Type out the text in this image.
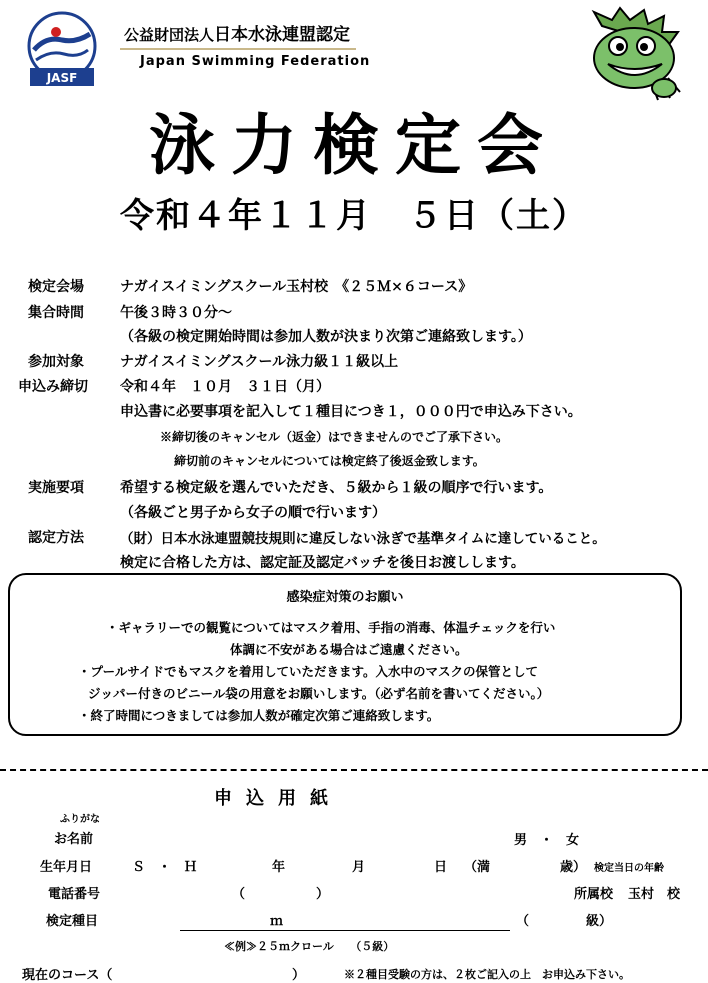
JASF
公益財団法人日本水泳連盟認定
Japan Swimming Federation
泳力検定会
令和４年１１月　５日（土）
検定会場	ナガイスイミングスクール玉村校　《２５Ｍ×６コース》
集合時間	午後３時３０分～
（各級の検定開始時間は参加人数が決まり次第ご連絡致します。）
参加対象	ナガイスイミングスクール泳力級１１級以上
申込み締切 令和４年　１０月　３１日（月）
申込書に必要事項を記入して１種目につき１，０００円で申込み下さい。
※締切後のキャンセル（返金）はできませんのでご了承下さい。
締切前のキャンセルについては検定終了後返金致します。
実施要項	希望する検定級を選んでいただき、５級から１級の順序で行います。
（各級ごと男子から女子の順で行います）
認定方法	（財）日本水泳連盟競技規則に違反しない泳ぎで基準タイムに達していること。
検定に合格した方は、認定証及認定バッチを後日お渡しします。
感染症対策のお願い
・ギャラリーでの観覧についてはマスク着用、手指の消毒、体温チェックを行い
体調に不安がある場合はご遠慮ください。
・プールサイドでもマスクを着用していただきます。入水中のマスクの保管として
ジッパー付きのビニール袋の用意をお願いします。（必ず名前を書いてください。）
・終了時間につきましては参加人数が確定次第ご連絡致します。
申込用紙
ふりがな
お名前	男　・　女
生年月日	Ｓ　・　Ｈ	年	月	日 （満	歳） 検定当日の年齢
電話番号	（	）	所属校 玉村　校
検定種目	ｍ	（	級）
≪例≫２５ｍクロール　　（５級）
現在のコース（	）	※２種目受験の方は、２枚ご記入の上　お申込み下さい。
